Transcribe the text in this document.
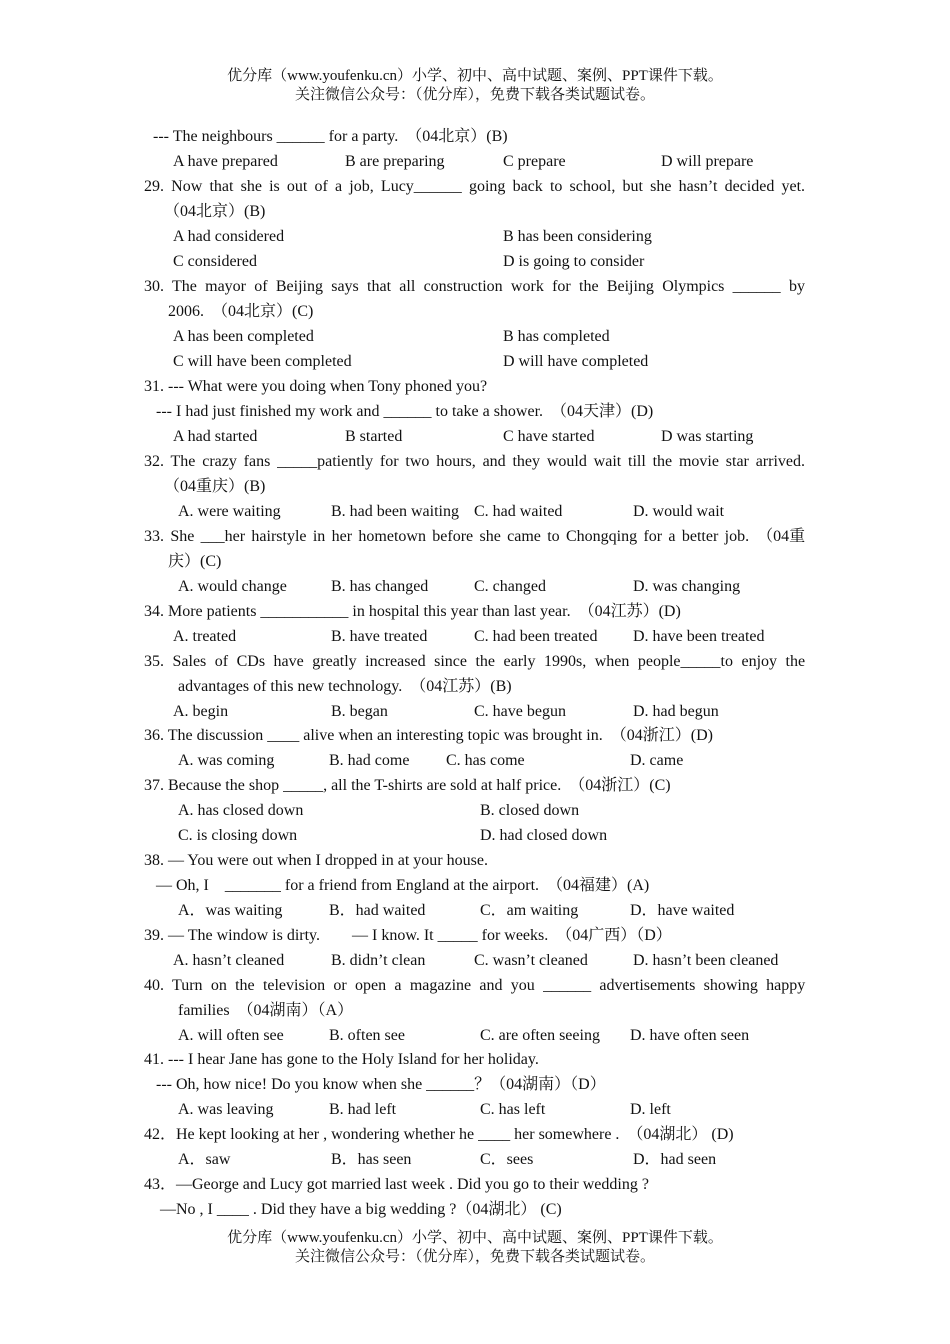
优分库（www.youfenku.cn）小学、初中、高中试题、案例、PPT课件下载。
关注微信公众号：（优分库），免费下载各类试题试卷。
--- The neighbours ______ for a party.　（04北京）(B)
A have prepared	B are preparing	C prepare	D will prepare
29. Now that she is out of a job, Lucy______ going back to school, but she hasn’t decided yet.
（04北京）(B)
A had considered	B has been considering
C considered	D is going to consider
30. The mayor of Beijing says that all construction work for the Beijing Olympics ______ by
2006.　（04北京）(C)
A has been completed	B has completed
C will have been completed	D will have completed
31. --- What were you doing when Tony phoned you?
--- I had just finished my work and ______ to take a shower.　（04天津）(D)
A had started	B started	C have started	D was starting
32. The crazy fans _____patiently for two hours, and they would wait till the movie star arrived.
（04重庆）(B)
A. were waiting	B. had been waiting C. had waited	D. would wait
33. She ___her hairstyle in her hometown before she came to Chongqing for a better job.　（04重
庆）(C)
A. would change	B. has changed	C. changed	D. was changing
34. More patients ___________ in hospital this year than last year.　（04江苏）(D)
A. treated	B. have treated	C. had been treated D. have been treated
35. Sales of CDs have greatly increased since the early 1990s, when people_____to enjoy the
advantages of this new technology.　（04江苏）(B)
A. begin	B. began	C. have begun	D. had begun
36. The discussion ____ alive when an interesting topic was brought in.　（04浙江）(D)
A. was coming	B. had come C. has come	D. came
37. Because the shop _____, all the T-shirts are sold at half price.　（04浙江）(C)
A. has closed down	B. closed down
C. is closing down	D. had closed down
38. — You were out when I dropped in at your house.
— Oh, I　_______ for a friend from England at the airport.　（04福建）(A)
A．was waiting	B．had waited	C．am waiting	D．have waited
39. — The window is dirty.　　— I know. It _____ for weeks.　（04广西）（D）
A. hasn’t cleaned	B. didn’t clean	C. wasn’t cleaned	D. hasn’t been cleaned
40. Turn on the television or open a magazine and you ______ advertisements showing happy
families　（04湖南）（A）
A. will often see	B. often see	C. are often seeing D. have often seen
41. --- I hear Jane has gone to the Holy Island for her holiday.
--- Oh, how nice! Do you know when she ______？（04湖南）（D）
A. was leaving	B. had left	C. has left	D. left
42．He kept looking at her , wondering whether he ____ her somewhere .　（04湖北） (D)
A．saw	B．has seen	C．sees	D．had seen
43．—George and Lucy got married last week . Did you go to their wedding ?
—No , I ____ . Did they have a big wedding ?（04湖北） (C)
优分库（www.youfenku.cn）小学、初中、高中试题、案例、PPT课件下载。
关注微信公众号：（优分库），免费下载各类试题试卷。
